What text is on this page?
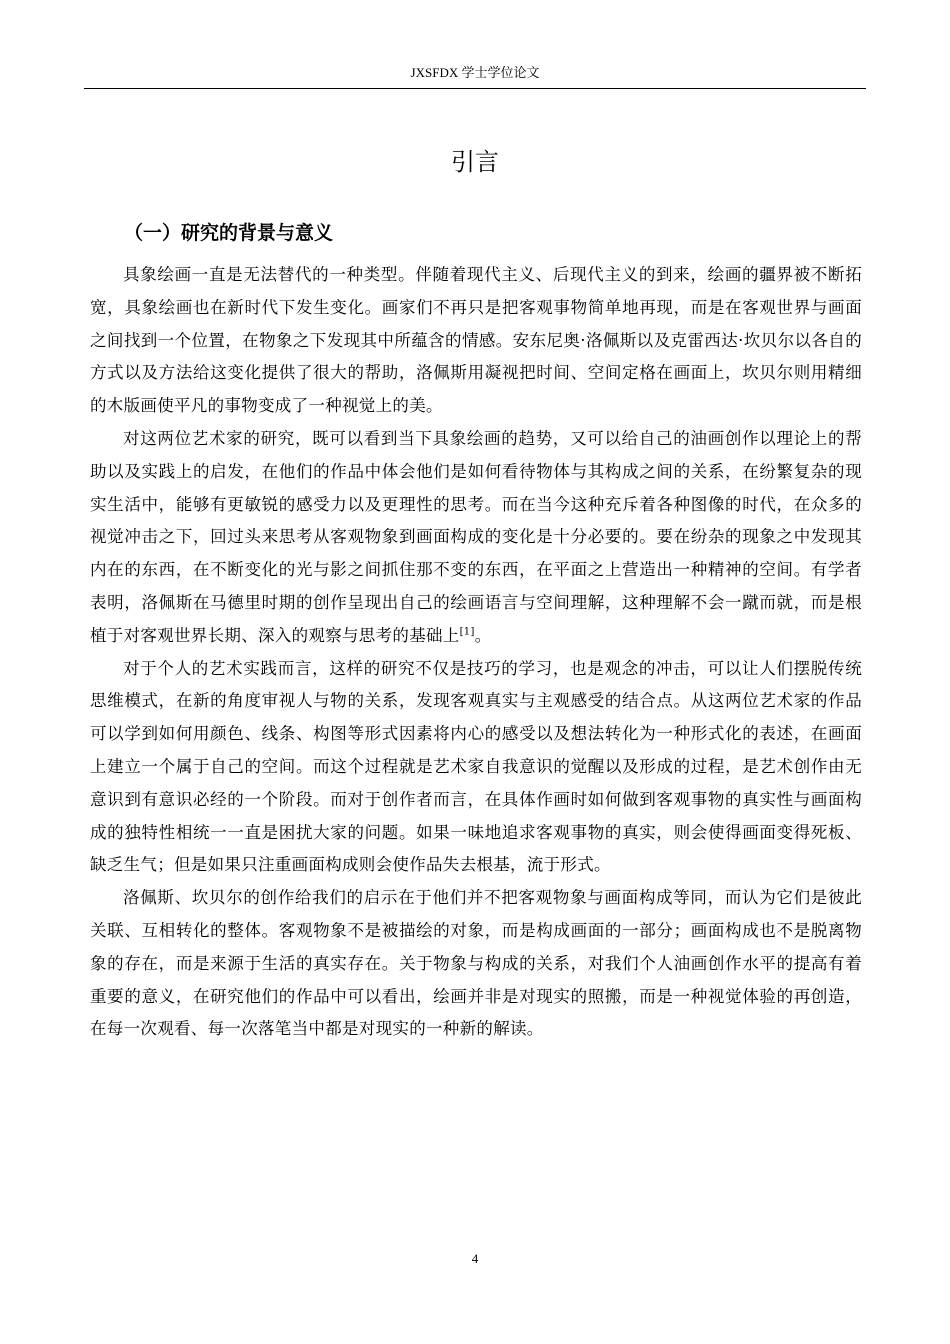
JXSFDX 学士学位论文
引言
（一）研究的背景与意义

具象绘画一直是无法替代的一种类型。伴随着现代主义、后现代主义的到来，绘画的疆界被不断拓宽，具象绘画也在新时代下发生变化。画家们不再只是把客观事物简单地再现，而是在客观世界与画面之间找到一个位置，在物象之下发现其中所蕴含的情感。安东尼奥·洛佩斯以及克雷西达·坎贝尔以各自的方式以及方法给这变化提供了很大的帮助，洛佩斯用凝视把时间、空间定格在画面上，坎贝尔则用精细的木版画使平凡的事物变成了一种视觉上的美。

对这两位艺术家的研究，既可以看到当下具象绘画的趋势，又可以给自己的油画创作以理论上的帮助以及实践上的启发，在他们的作品中体会他们是如何看待物体与其构成之间的关系，在纷繁复杂的现实生活中，能够有更敏锐的感受力以及更理性的思考。而在当今这种充斥着各种图像的时代，在众多的视觉冲击之下，回过头来思考从客观物象到画面构成的变化是十分必要的。要在纷杂的现象之中发现其内在的东西，在不断变化的光与影之间抓住那不变的东西，在平面之上营造出一种精神的空间。有学者表明，洛佩斯在马德里时期的创作呈现出自己的绘画语言与空间理解，这种理解不会一蹴而就，而是根植于对客观世界长期、深入的观察与思考的基础上[1]。

对于个人的艺术实践而言，这样的研究不仅是技巧的学习，也是观念的冲击，可以让人们摆脱传统思维模式，在新的角度审视人与物的关系，发现客观真实与主观感受的结合点。从这两位艺术家的作品可以学到如何用颜色、线条、构图等形式因素将内心的感受以及想法转化为一种形式化的表述，在画面上建立一个属于自己的空间。而这个过程就是艺术家自我意识的觉醒以及形成的过程，是艺术创作由无意识到有意识必经的一个阶段。而对于创作者而言，在具体作画时如何做到客观事物的真实性与画面构成的独特性相统一一直是困扰大家的问题。如果一味地追求客观事物的真实，则会使得画面变得死板、缺乏生气；但是如果只注重画面构成则会使作品失去根基，流于形式。

洛佩斯、坎贝尔的创作给我们的启示在于他们并不把客观物象与画面构成等同，而认为它们是彼此关联、互相转化的整体。客观物象不是被描绘的对象，而是构成画面的一部分；画面构成也不是脱离物象的存在，而是来源于生活的真实存在。关于物象与构成的关系，对我们个人油画创作水平的提高有着重要的意义，在研究他们的作品中可以看出，绘画并非是对现实的照搬，而是一种视觉体验的再创造，在每一次观看、每一次落笔当中都是对现实的一种新的解读。

4
